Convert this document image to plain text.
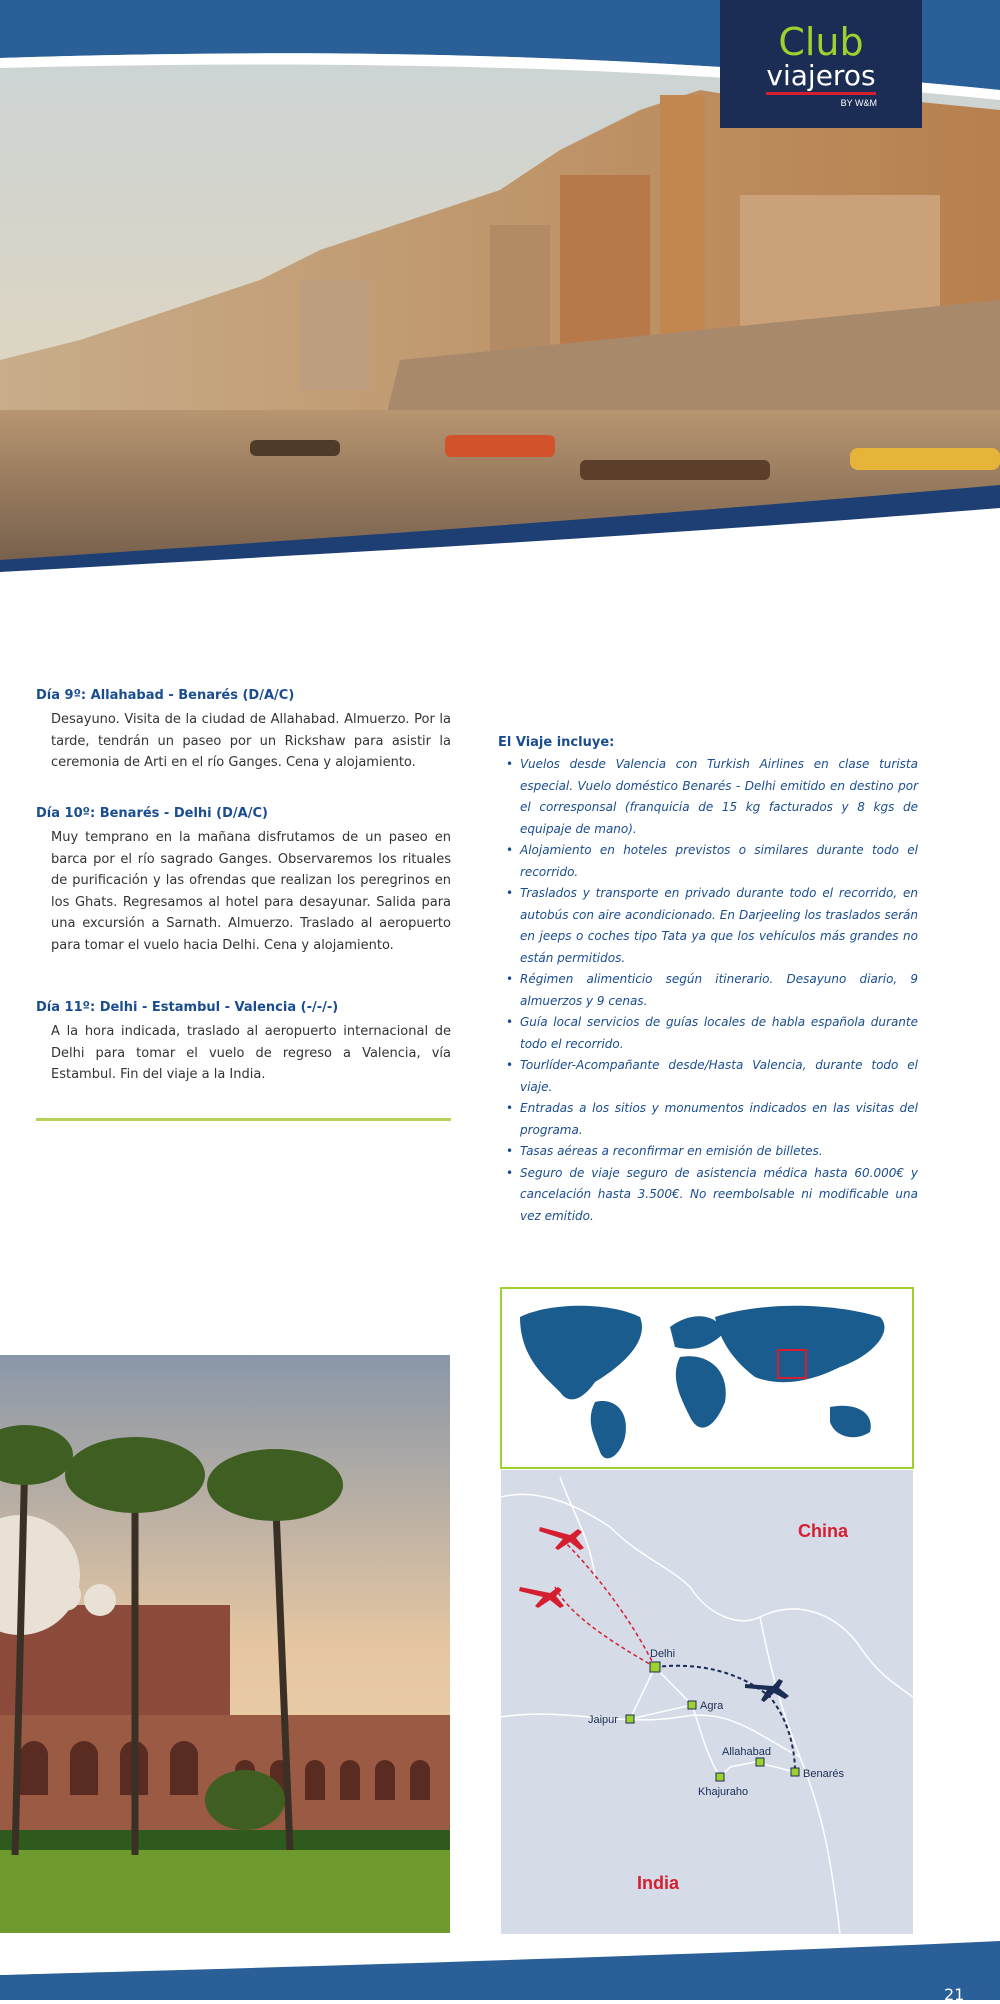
Club
viajeros
BY W&M
Día 9º: Allahabad - Benarés (D/A/C)

Desayuno. Visita de la ciudad de Allahabad. Almuerzo. Por la tarde, tendrán un paseo por un Rickshaw para asistir la ceremonia de Arti en el río Ganges. Cena y alojamiento.

Día 10º: Benarés - Delhi (D/A/C)

Muy temprano en la mañana disfrutamos de un paseo en barca por el río sagrado Ganges. Observaremos los rituales de purificación y las ofrendas que realizan los peregrinos en los Ghats. Regresamos al hotel para desayunar. Salida para una excursión a Sarnath. Almuerzo. Traslado al aeropuerto para tomar el vuelo hacia Delhi. Cena y alojamiento.

Día 11º: Delhi - Estambul - Valencia (-/-/-)

A la hora indicada, traslado al aeropuerto internacional de Delhi para tomar el vuelo de regreso a Valencia, vía Estambul. Fin del viaje a la India.

El Viaje incluye:
• Vuelos desde Valencia con Turkish Airlines en clase turista especial. Vuelo doméstico Benarés - Delhi emitido en destino por el corresponsal (franquicia de 15 kg facturados y 8 kgs de equipaje de mano).
• Alojamiento en hoteles previstos o similares durante todo el recorrido.
• Traslados y transporte en privado durante todo el recorrido, en autobús con aire acondicionado. En Darjeeling los traslados serán en jeeps o coches tipo Tata ya que los vehículos más grandes no están permitidos.
• Régimen alimenticio según itinerario. Desayuno diario, 9 almuerzos y 9 cenas.
• Guía local servicios de guías locales de habla española durante todo el recorrido.
• Tourlíder-Acompañante desde/Hasta Valencia, durante todo el viaje.
• Entradas a los sitios y monumentos indicados en las visitas del programa.
• Tasas aéreas a reconfirmar en emisión de billetes.
• Seguro de viaje seguro de asistencia médica hasta 60.000€ y cancelación hasta 3.500€. No reembolsable ni modificable una vez emitido.
Delhi
Jaipur
Agra
Allahabad
Benarés
Khajuraho
China
India
21
